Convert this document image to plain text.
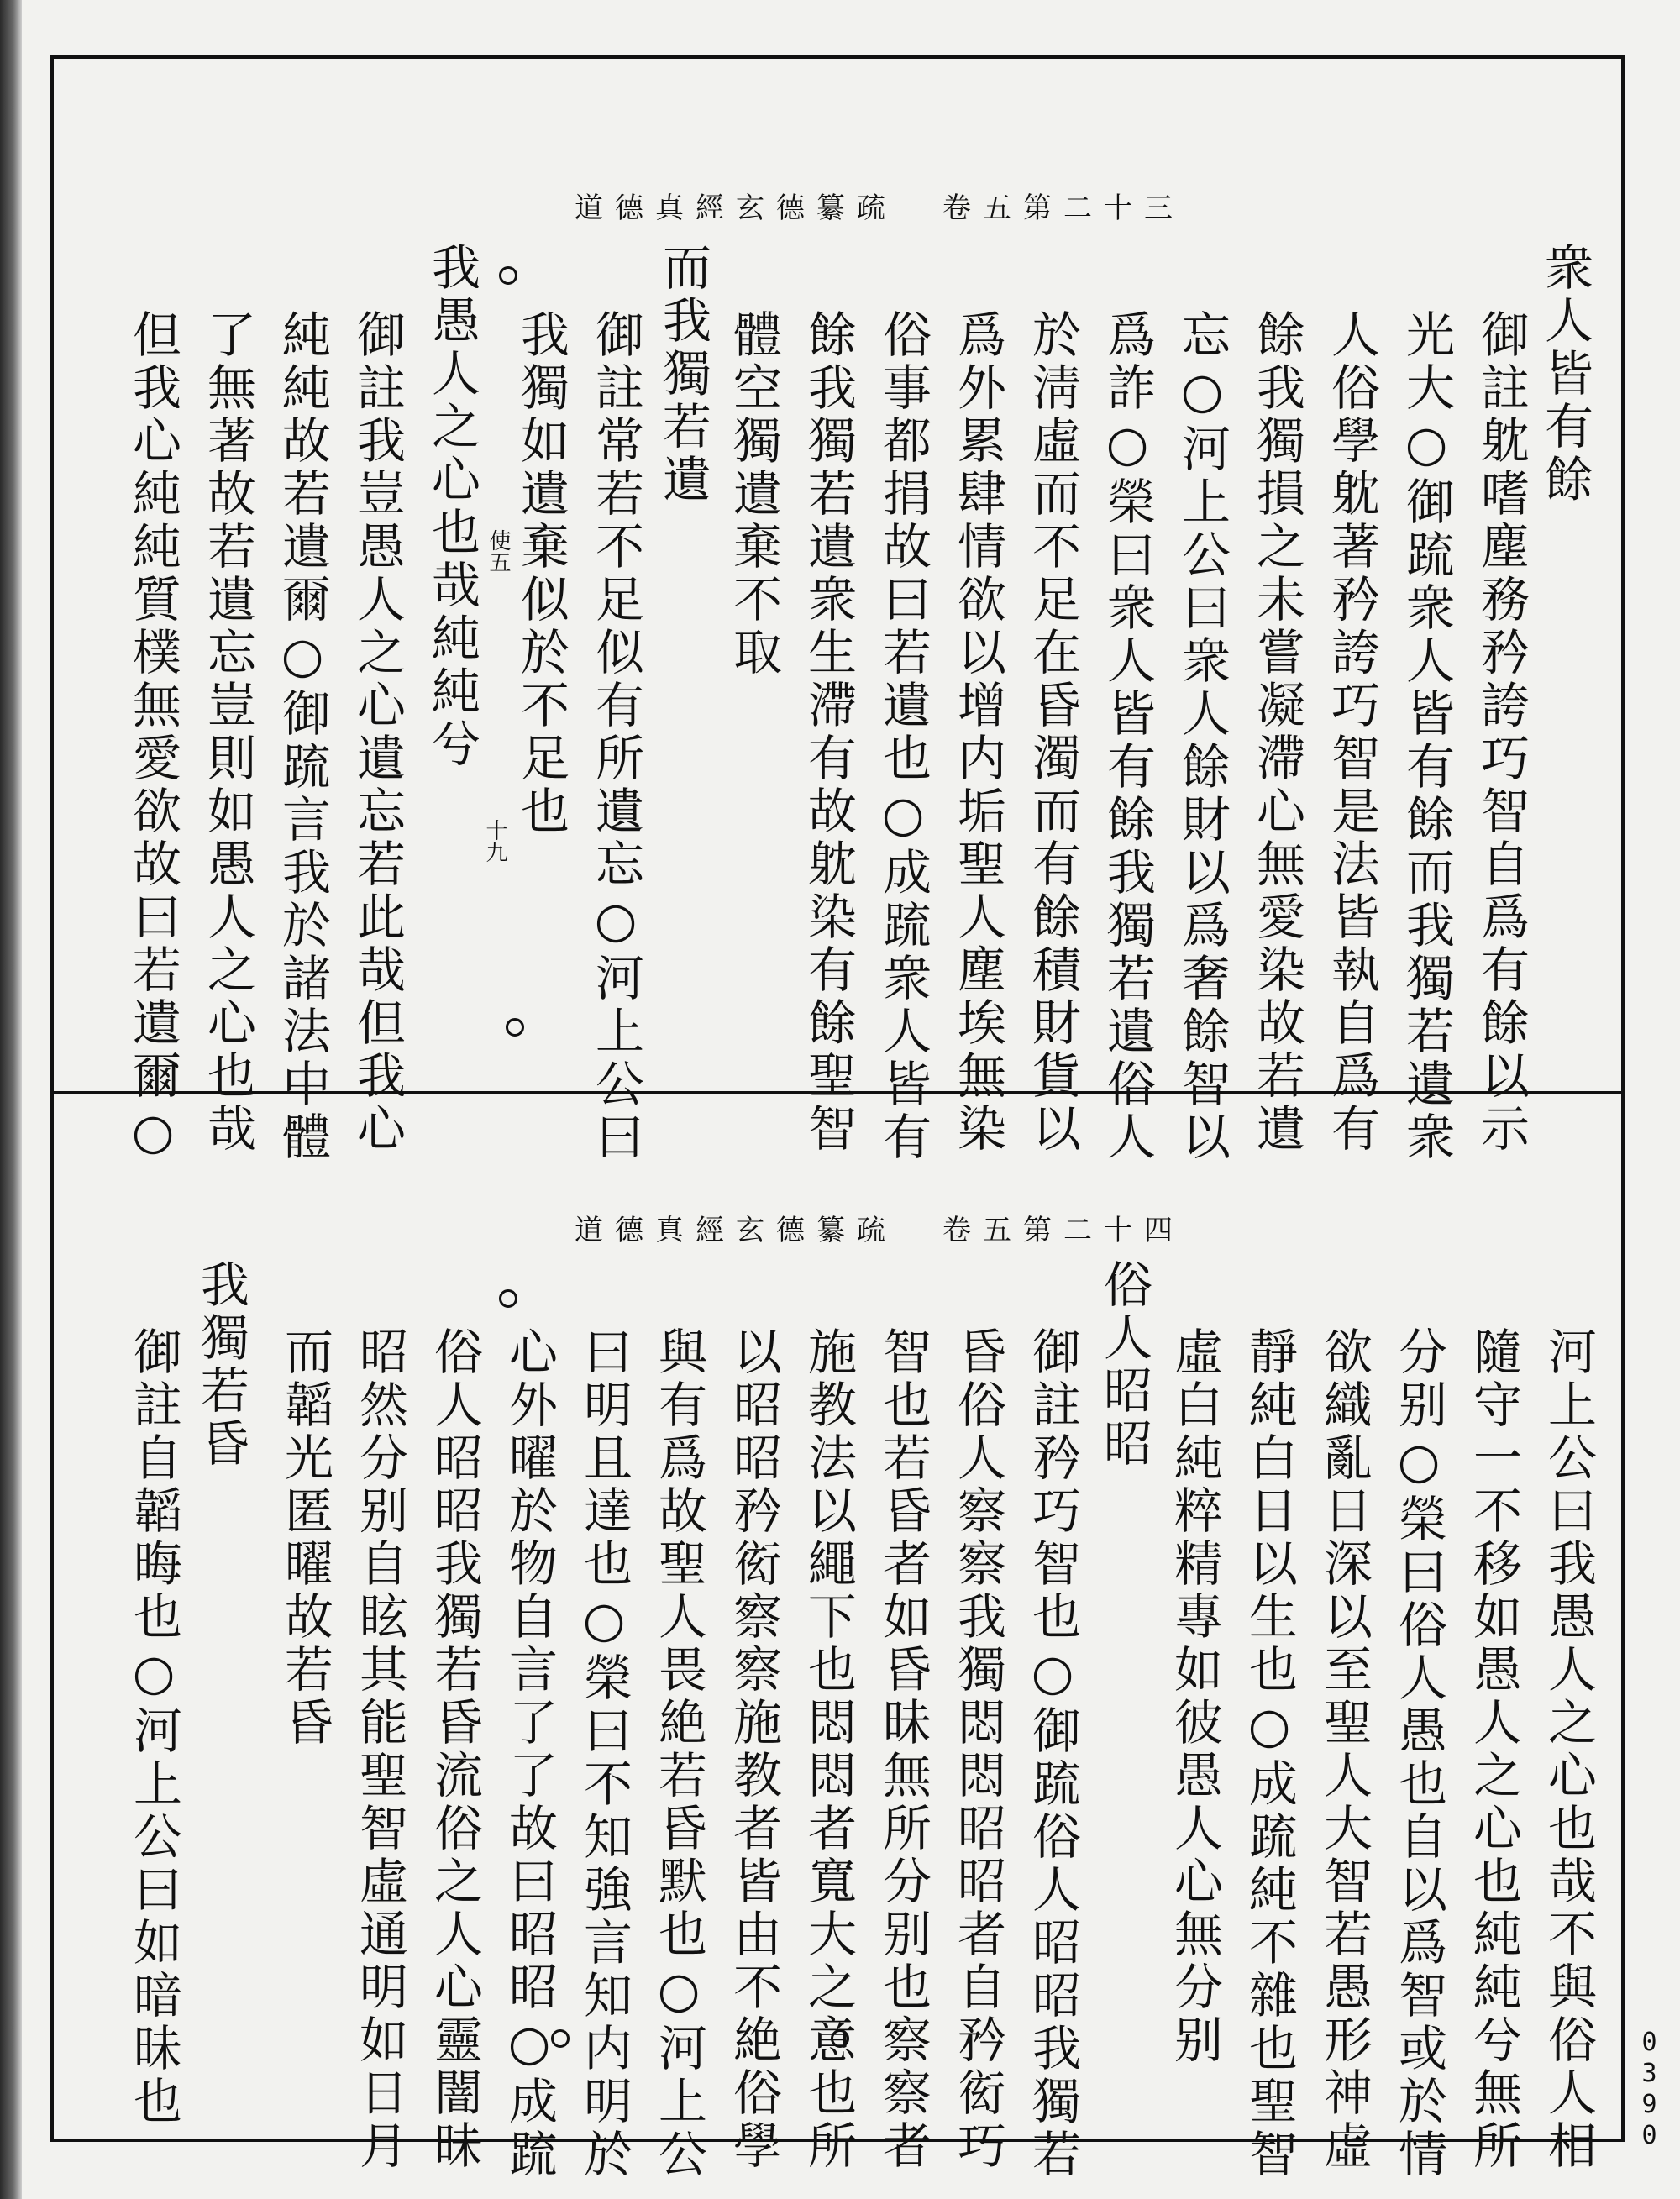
道德真經玄德纂疏 卷五第二十三
衆人皆有餘
御註躭嗜塵務矜誇巧智自爲有餘以示
光大○御䟽衆人皆有餘而我獨若遺衆
人俗學躭著矜誇巧智是法皆執自爲有
餘我獨損之未嘗凝滯心無愛染故若遺
忘○河上公曰衆人餘財以爲奢餘智以
爲詐○榮曰衆人皆有餘我獨若遺俗人
於淸虛而不足在昏濁而有餘積財貨以
爲外累肆情欲以增内垢聖人塵埃無染
俗事都捐故曰若遺也○成䟽衆人皆有
餘我獨若遺衆生滯有故躭染有餘聖智
體空獨遺棄不取
而我獨若遺
御註常若不足似有所遺忘○河上公曰
我獨如遺棄似於不足也
我愚人之心也哉純純兮
御註我豈愚人之心遺忘若此哉但我心
純純故若遺爾○御䟽言我於諸法中體
了無著故若遺忘豈則如愚人之心也哉
但我心純純質樸無愛欲故曰若遺爾○	十九
使五
道德真經玄德纂疏 卷五第二十四
河上公曰我愚人之心也哉不與俗人相
隨守一不移如愚人之心也純純兮無所
分别○榮曰俗人愚也自以爲智或於情
欲織亂日深以至聖人大智若愚形神虛
靜純白日以生也○成䟽純不雜也聖智
虛白純粹精專如彼愚人心無分别
俗人昭昭
御註矜巧智也○御䟽俗人昭昭我獨若
昏俗人察察我獨悶悶昭昭者自矜衒巧
智也若昏者如昏昧無所分别也察察者
施教法以繩下也悶悶者寬大之意也所
以昭昭矜衒察察施教者皆由不絶俗學
與有爲故聖人畏絶若昏默也○河上公
曰明且達也○榮曰不知強言知内明於
心外曜於物自言了了故曰昭昭○成䟽
俗人昭昭我獨若昏流俗之人心靈闇昧
昭然分别自眩其能聖智虛通明如日月
而韜光匿曜故若昏
我獨若昏
御註自韜晦也○河上公曰如暗昧也	0390
